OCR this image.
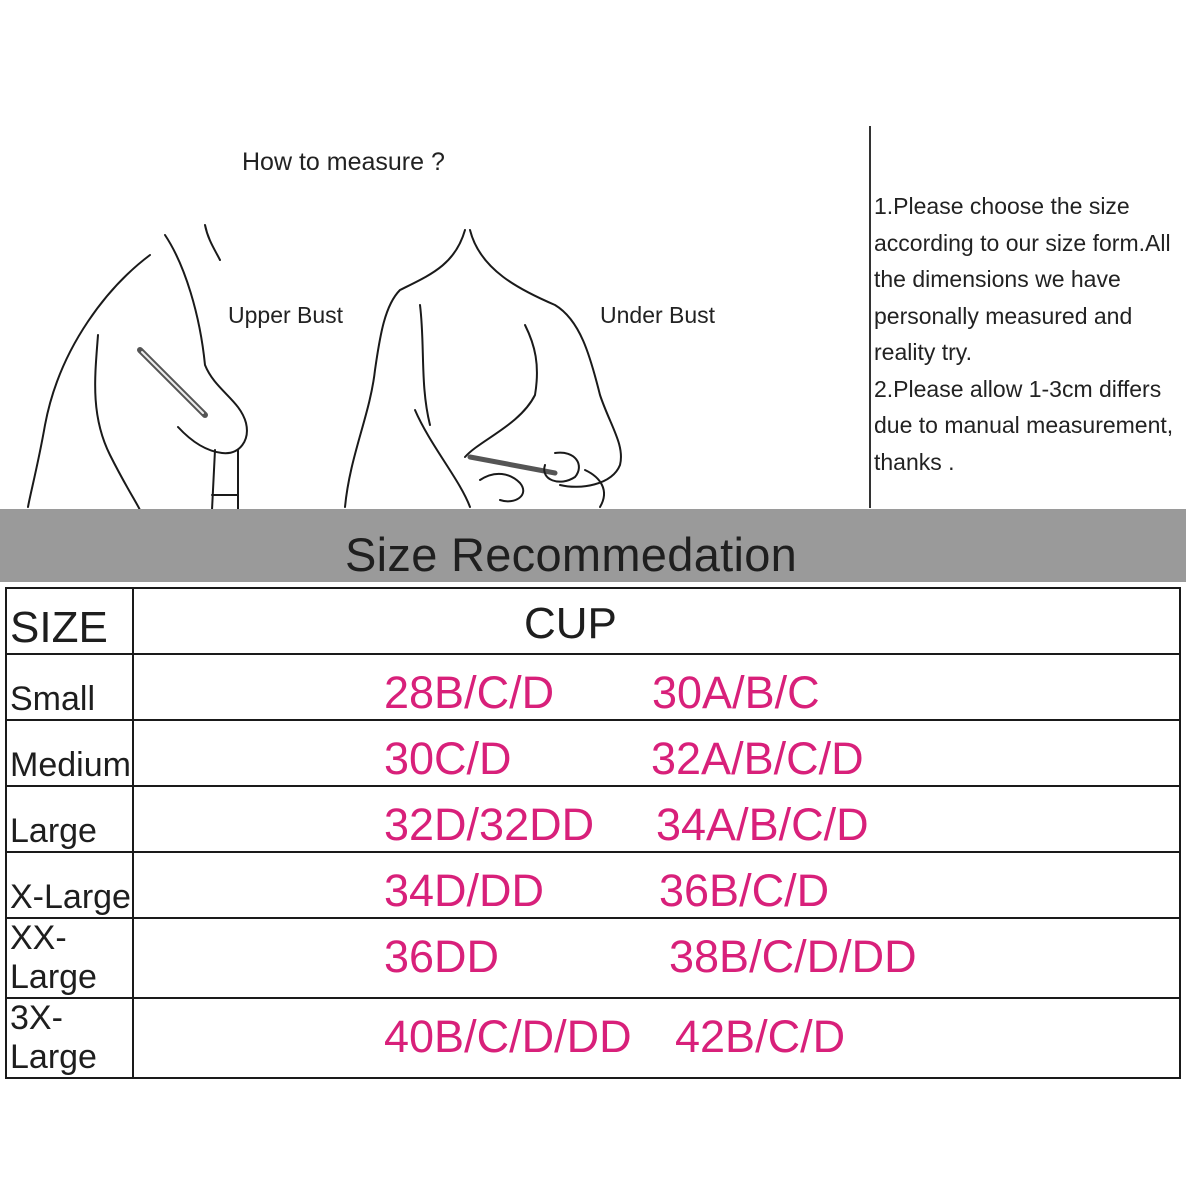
How to measure ?
Upper Bust	Under Bust

1.Please choose the size

according to our size form.All

the dimensions we have

personally measured and

reality try.

2.Please allow 1-3cm differs

due to manual measurement,

thanks .

Size Recommedation
SIZE	CUP

Small	28B/C/D 30A/B/C

Medium	30C/D 32A/B/C/D

Large	32D/32DD 34A/B/C/D

X-Large	34D/DD 36B/C/D

XX-Large	36DD 38B/C/D/DD

3X-Large	40B/C/D/DD 42B/C/D
